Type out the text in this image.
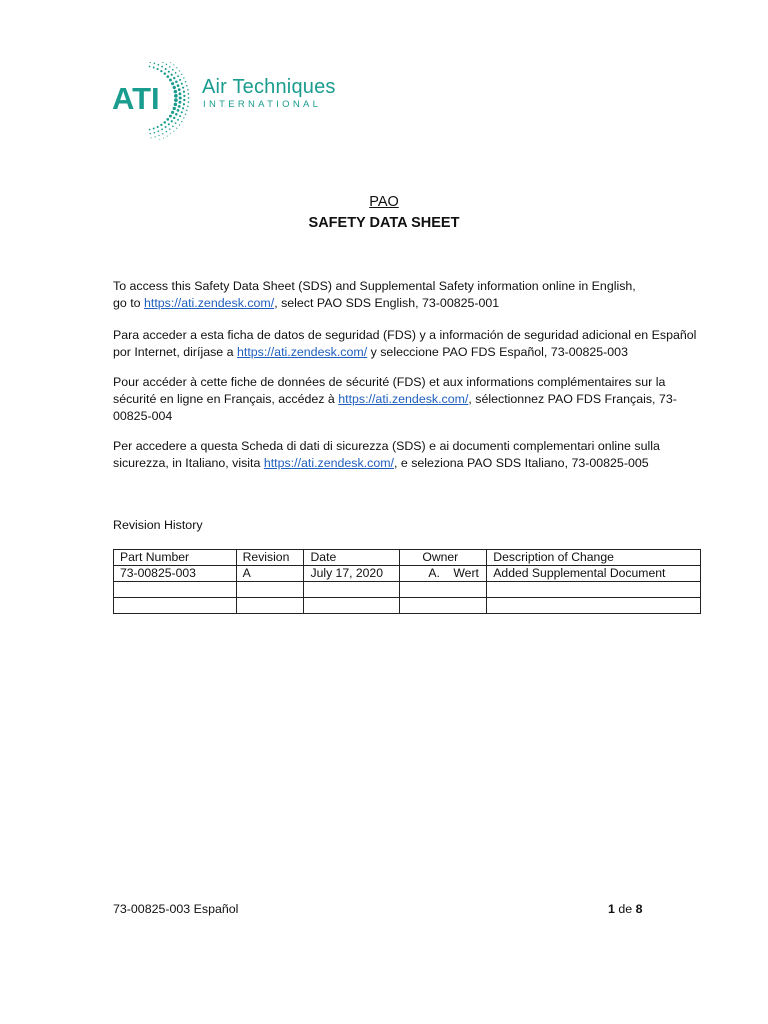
ATI Air Techniques
INTERNATIONAL
PAO
SAFETY DATA SHEET
To access this Safety Data Sheet (SDS) and Supplemental Safety information online in English,
go to https://ati.zendesk.com/, select PAO SDS English, 73-00825-001
Para acceder a esta ficha de datos de seguridad (FDS) y a información de seguridad adicional en Español
por Internet, diríjase a https://ati.zendesk.com/ y seleccione PAO FDS Español, 73-00825-003
Pour accéder à cette fiche de données de sécurité (FDS) et aux informations complémentaires sur la
sécurité en ligne en Français, accédez à https://ati.zendesk.com/, sélectionnez PAO FDS Français, 73-
00825-004
Per accedere a questa Scheda di dati di sicurezza (SDS) e ai documenti complementari online sulla
sicurezza, in Italiano, visita https://ati.zendesk.com/, e seleziona PAO SDS Italiano, 73-00825-005
Revision History
Part Number	Revision	Date	Owner	Description of Change
73-00825-003	A	July 17, 2020	A.    Wert	Added Supplemental Document

73-00825-003 Español	1 de 8
